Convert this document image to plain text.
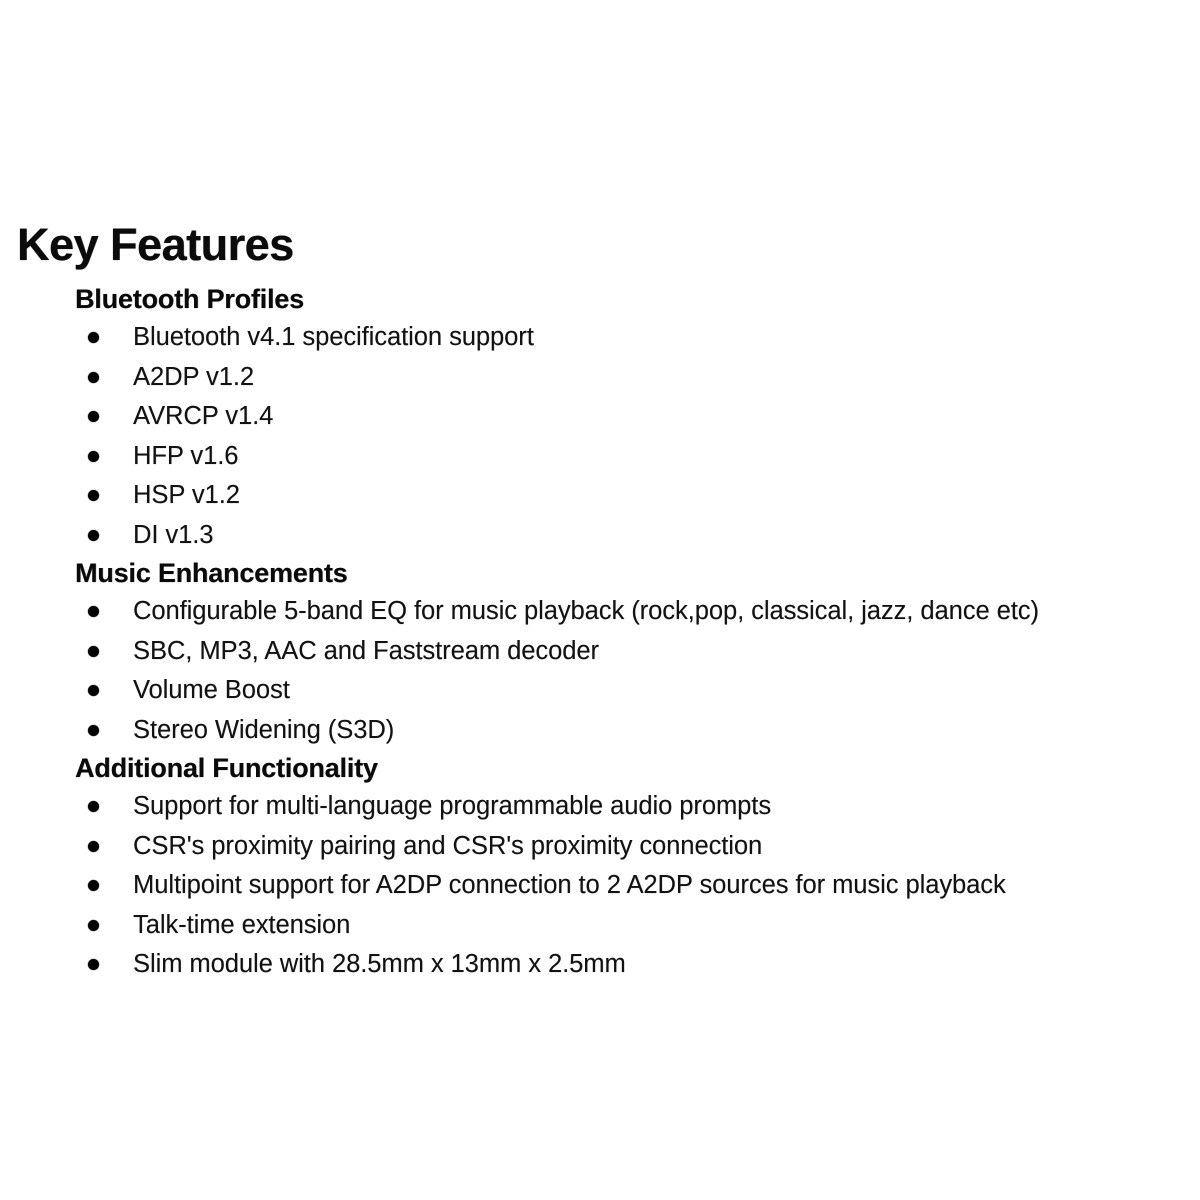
Key Features
Bluetooth Profiles
Bluetooth v4.1 specification support
A2DP v1.2
AVRCP v1.4
HFP v1.6
HSP v1.2
DI v1.3
Music Enhancements
Configurable 5-band EQ for music playback (rock,pop, classical, jazz, dance etc)
SBC, MP3, AAC and Faststream decoder
Volume Boost
Stereo Widening (S3D)
Additional Functionality
Support for multi-language programmable audio prompts
CSR's proximity pairing and CSR's proximity connection
Multipoint support for A2DP connection to 2 A2DP sources for music playback
Talk-time extension
Slim module with 28.5mm x 13mm x 2.5mm
